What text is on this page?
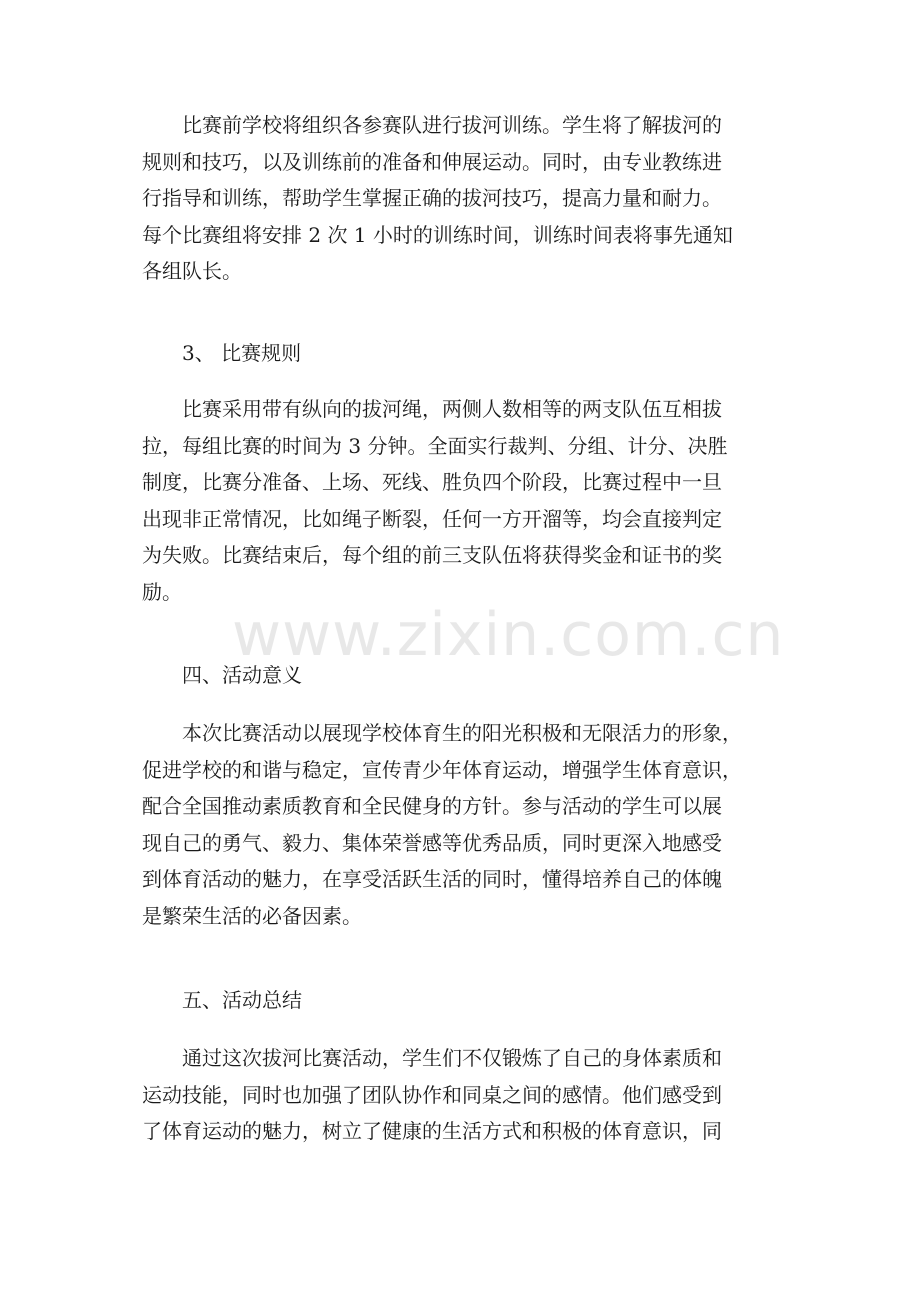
www.zixin.com.cn

比赛前学校将组织各参赛队进行拔河训练。学生将了解拔河的
规则和技巧，以及训练前的准备和伸展运动。同时，由专业教练进
行指导和训练，帮助学生掌握正确的拔河技巧，提高力量和耐力。
每个比赛组将安排 2 次 1 小时的训练时间，训练时间表将事先通知
各组队长。

3、 比赛规则

比赛采用带有纵向的拔河绳，两侧人数相等的两支队伍互相拔
拉，每组比赛的时间为 3 分钟。全面实行裁判、分组、计分、决胜
制度，比赛分准备、上场、死线、胜负四个阶段，比赛过程中一旦
出现非正常情况，比如绳子断裂，任何一方开溜等，均会直接判定
为失败。比赛结束后，每个组的前三支队伍将获得奖金和证书的奖
励。

四、活动意义

本次比赛活动以展现学校体育生的阳光积极和无限活力的形象，
促进学校的和谐与稳定，宣传青少年体育运动，增强学生体育意识，
配合全国推动素质教育和全民健身的方针。参与活动的学生可以展
现自己的勇气、毅力、集体荣誉感等优秀品质，同时更深入地感受
到体育活动的魅力，在享受活跃生活的同时，懂得培养自己的体魄
是繁荣生活的必备因素。

五、活动总结

通过这次拔河比赛活动，学生们不仅锻炼了自己的身体素质和
运动技能，同时也加强了团队协作和同桌之间的感情。他们感受到
了体育运动的魅力，树立了健康的生活方式和积极的体育意识，同
